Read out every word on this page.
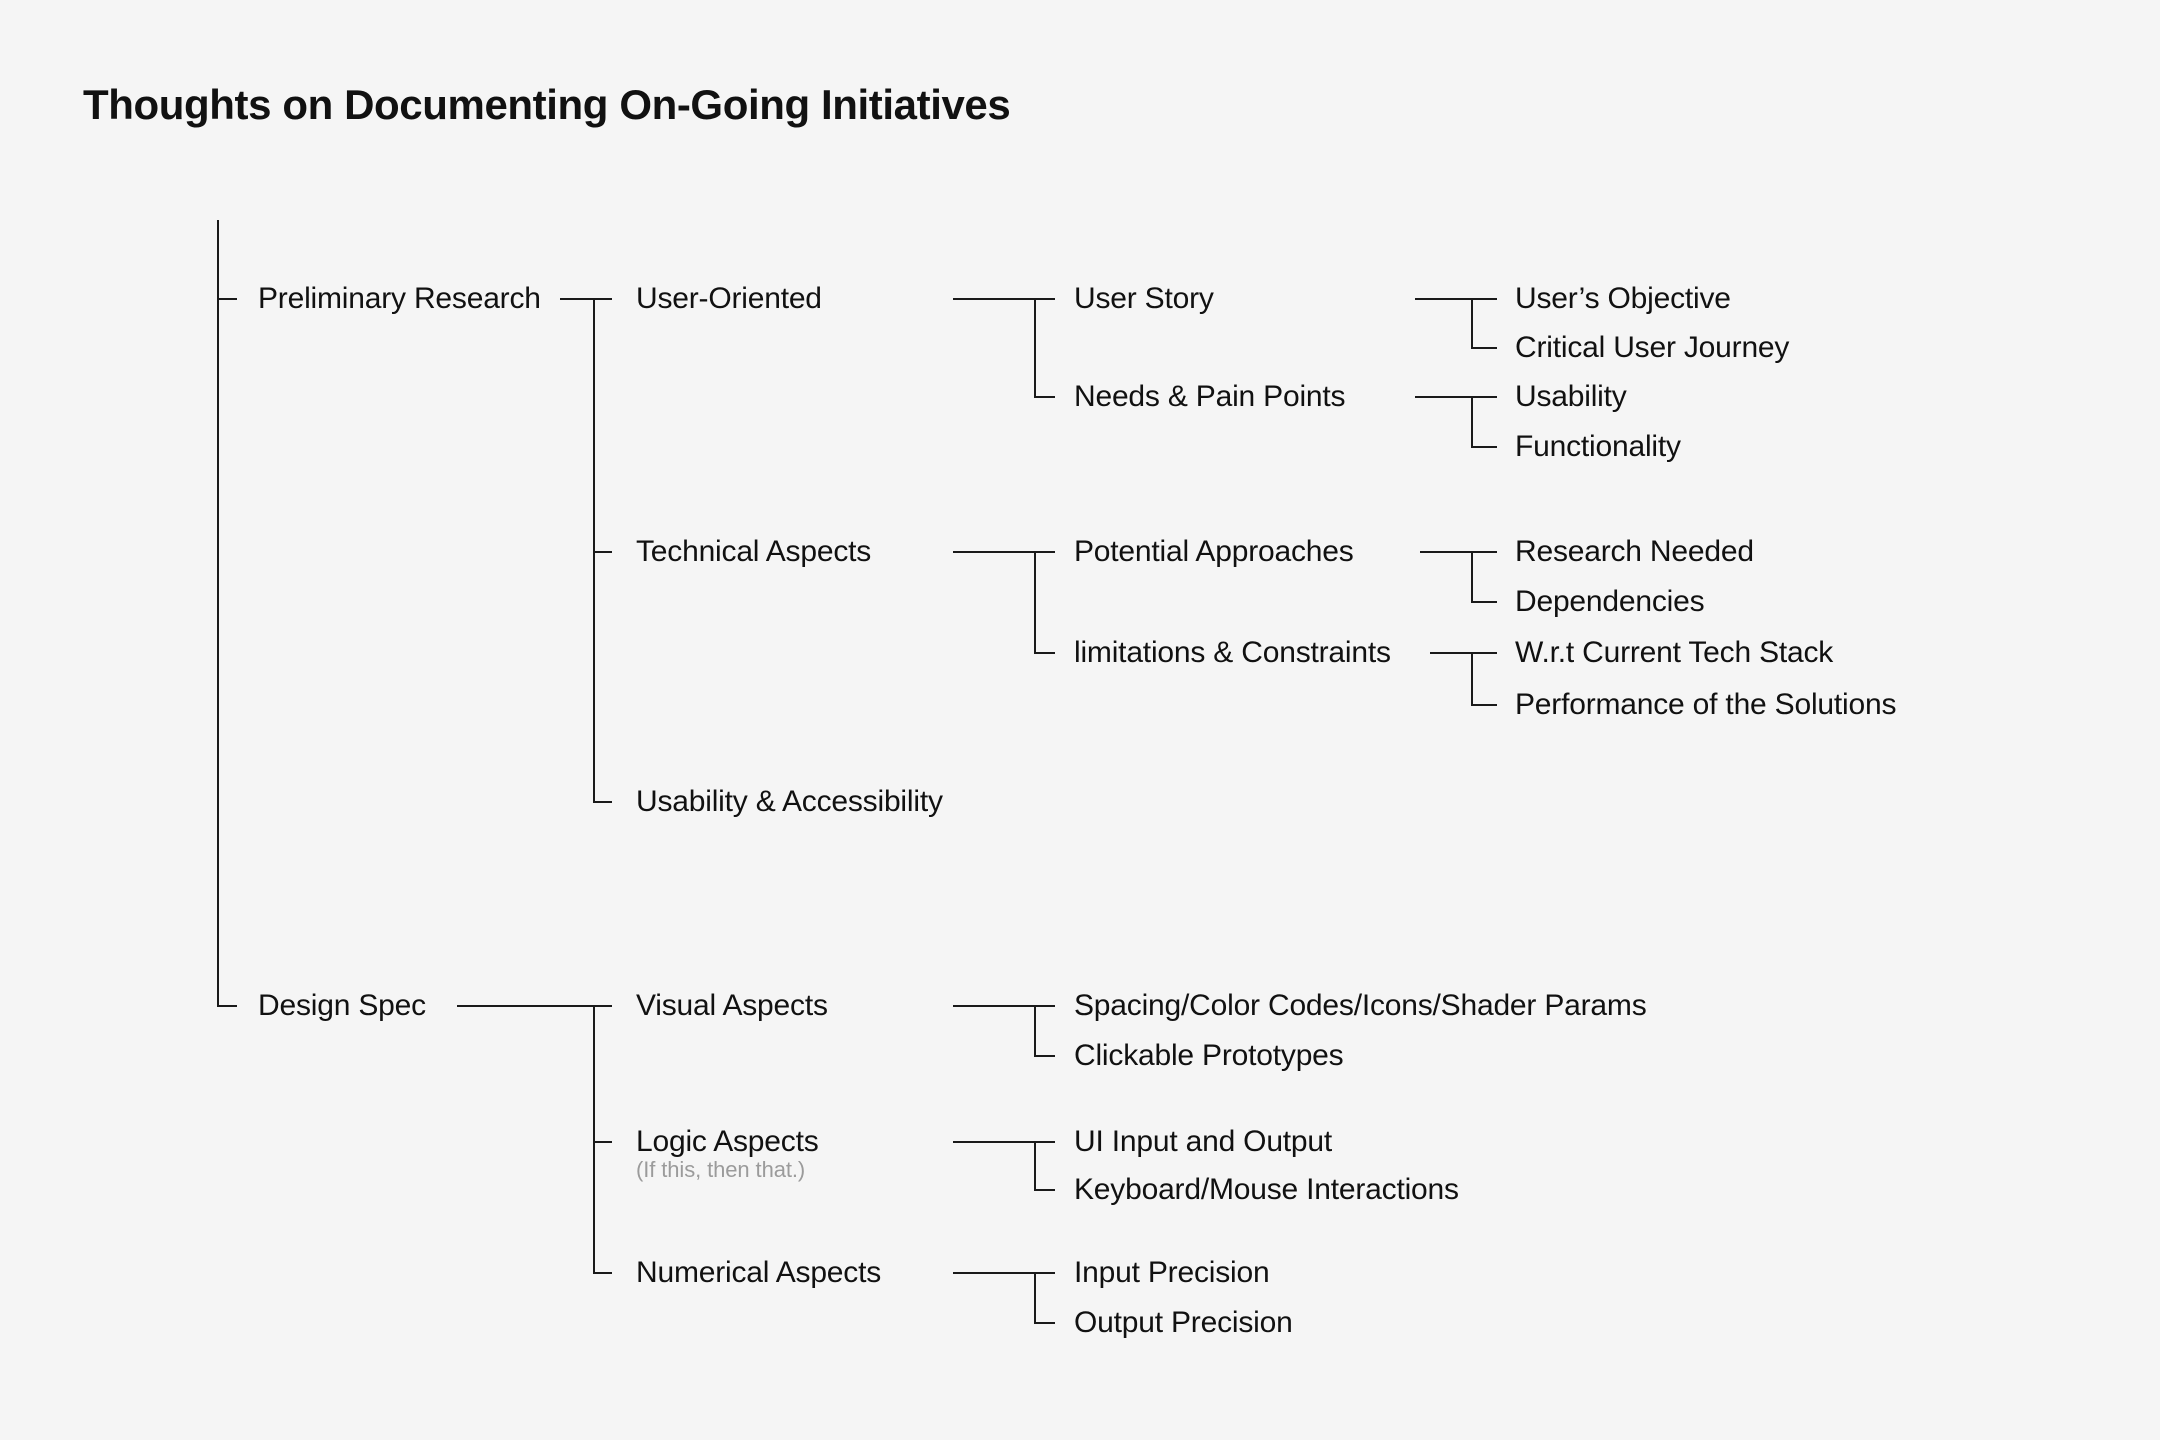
Thoughts on Documenting On-Going Initiatives
Preliminary Research
Design Spec
User-Oriented
Technical Aspects
Usability & Accessibility
Visual Aspects
Logic Aspects
(If this, then that.)
Numerical Aspects
User Story
Needs & Pain Points
Potential Approaches
limitations & Constraints
Spacing/Color Codes/Icons/Shader Params
Clickable Prototypes
UI Input and Output
Keyboard/Mouse Interactions
Input Precision
Output Precision
User’s Objective
Critical User Journey
Usability
Functionality
Research Needed
Dependencies
W.r.t Current Tech Stack
Performance of the Solutions
